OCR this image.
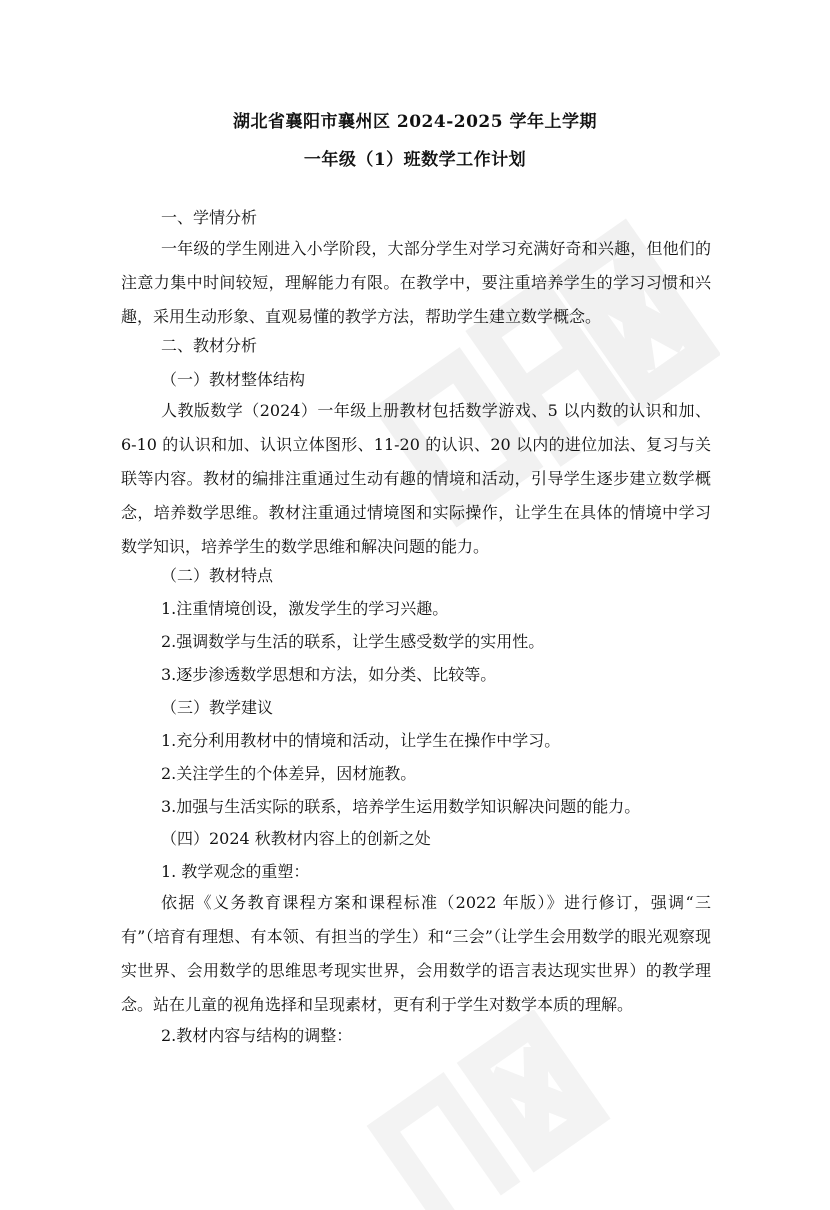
湖北省襄阳市襄州区 2024-2025 学年上学期
一年级（1）班数学工作计划
一、学情分析
一年级的学生刚进入小学阶段，大部分学生对学习充满好奇和兴趣，但他们的注意力集中时间较短，理解能力有限。在教学中，要注重培养学生的学习习惯和兴趣，采用生动形象、直观易懂的教学方法，帮助学生建立数学概念。
二、教材分析
（一）教材整体结构
人教版数学（2024）一年级上册教材包括数学游戏、5 以内数的认识和加、6-10 的认识和加、认识立体图形、11-20 的认识、20 以内的进位加法、复习与关联等内容。教材的编排注重通过生动有趣的情境和活动，引导学生逐步建立数学概念，培养数学思维。教材注重通过情境图和实际操作，让学生在具体的情境中学习数学知识，培养学生的数学思维和解决问题的能力。
（二）教材特点
1.注重情境创设，激发学生的学习兴趣。
2.强调数学与生活的联系，让学生感受数学的实用性。
3.逐步渗透数学思想和方法，如分类、比较等。
（三）教学建议
1.充分利用教材中的情境和活动，让学生在操作中学习。
2.关注学生的个体差异，因材施教。
3.加强与生活实际的联系，培养学生运用数学知识解决问题的能力。
（四）2024 秋教材内容上的创新之处
1. 教学观念的重塑：
依据《义务教育课程方案和课程标准（2022 年版）》进行修订，强调“三有”（培育有理想、有本领、有担当的学生）和“三会”（让学生会用数学的眼光观察现实世界、会用数学的思维思考现实世界，会用数学的语言表达现实世界）的教学理念。站在儿童的视角选择和呈现素材，更有利于学生对数学本质的理解。
2.教材内容与结构的调整：
